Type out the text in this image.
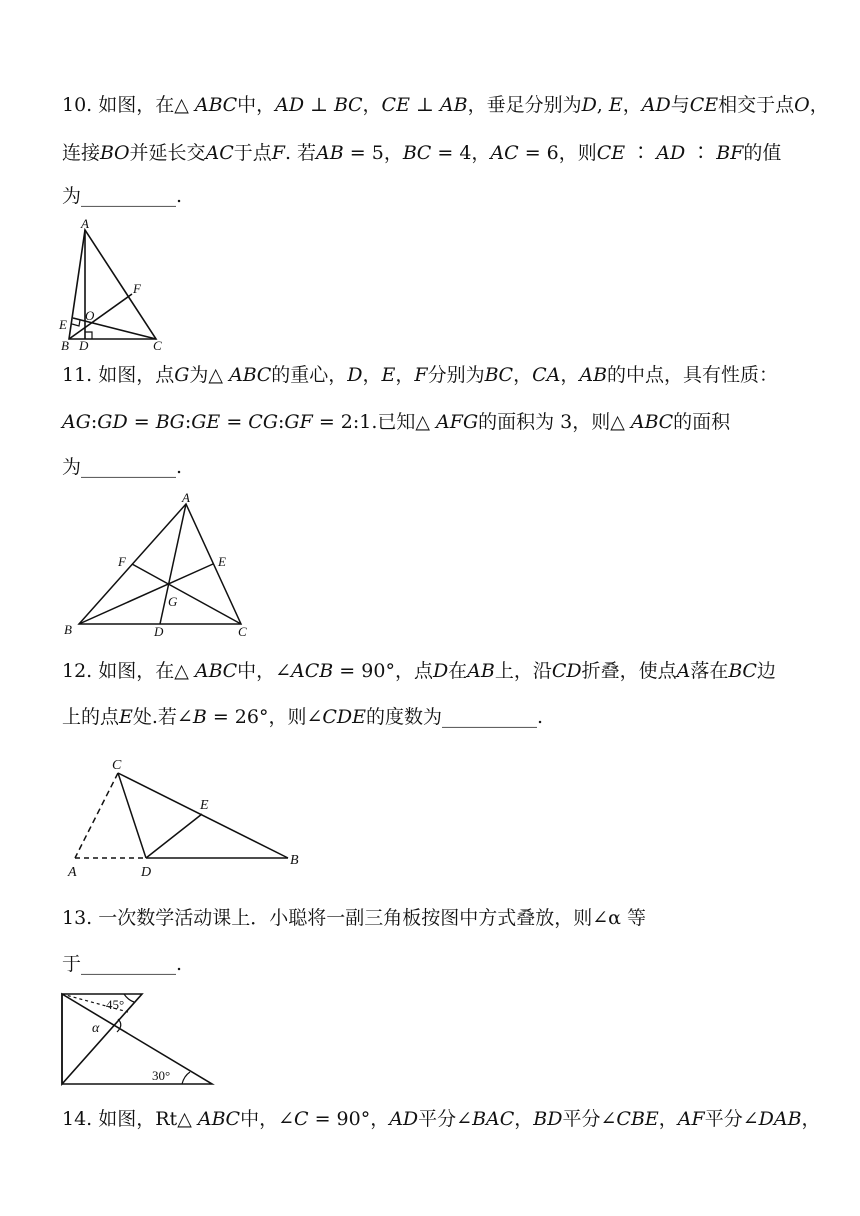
10. 如图，在△ 𝐴𝐵𝐶中，𝐴𝐷 ⊥ 𝐵𝐶，𝐶𝐸 ⊥ 𝐴𝐵，垂足分别为𝐷, 𝐸，𝐴𝐷与𝐶𝐸相交于点𝑂，
连接𝐵𝑂并延长交𝐴𝐶于点𝐹. 若𝐴𝐵 = 5，𝐵𝐶 = 4，𝐴𝐶 = 6，则𝐶𝐸 ∶ 𝐴𝐷 ∶ 𝐵𝐹的值
为__________.
A
B D	C
E
F
O
11. 如图，点𝐺为△ 𝐴𝐵𝐶的重心，𝐷，𝐸，𝐹分别为𝐵𝐶，𝐶𝐴，𝐴𝐵的中点，具有性质：
𝐴𝐺:𝐺𝐷 = 𝐵𝐺:𝐺𝐸 = 𝐶𝐺:𝐺𝐹 = 2:1.已知△ 𝐴𝐹𝐺的面积为 3，则△ 𝐴𝐵𝐶的面积
为__________.
A
B	C
D
E
F
G
12. 如图，在△ 𝐴𝐵𝐶中，∠𝐴𝐶𝐵 = 90°，点𝐷在𝐴𝐵上，沿𝐶𝐷折叠，使点𝐴落在𝐵𝐶边
上的点𝐸处.若∠𝐵 = 26°，则∠𝐶𝐷𝐸的度数为__________.
C
A	D
E
B
13. 一次数学活动课上．小聪将一副三角板按图中方式叠放，则∠α 等
于__________.
45°
30°
α
14. 如图，Rt△ 𝐴𝐵𝐶中，∠𝐶 = 90°，𝐴𝐷平分∠𝐵𝐴𝐶，𝐵𝐷平分∠𝐶𝐵𝐸，𝐴𝐹平分∠𝐷𝐴𝐵，
